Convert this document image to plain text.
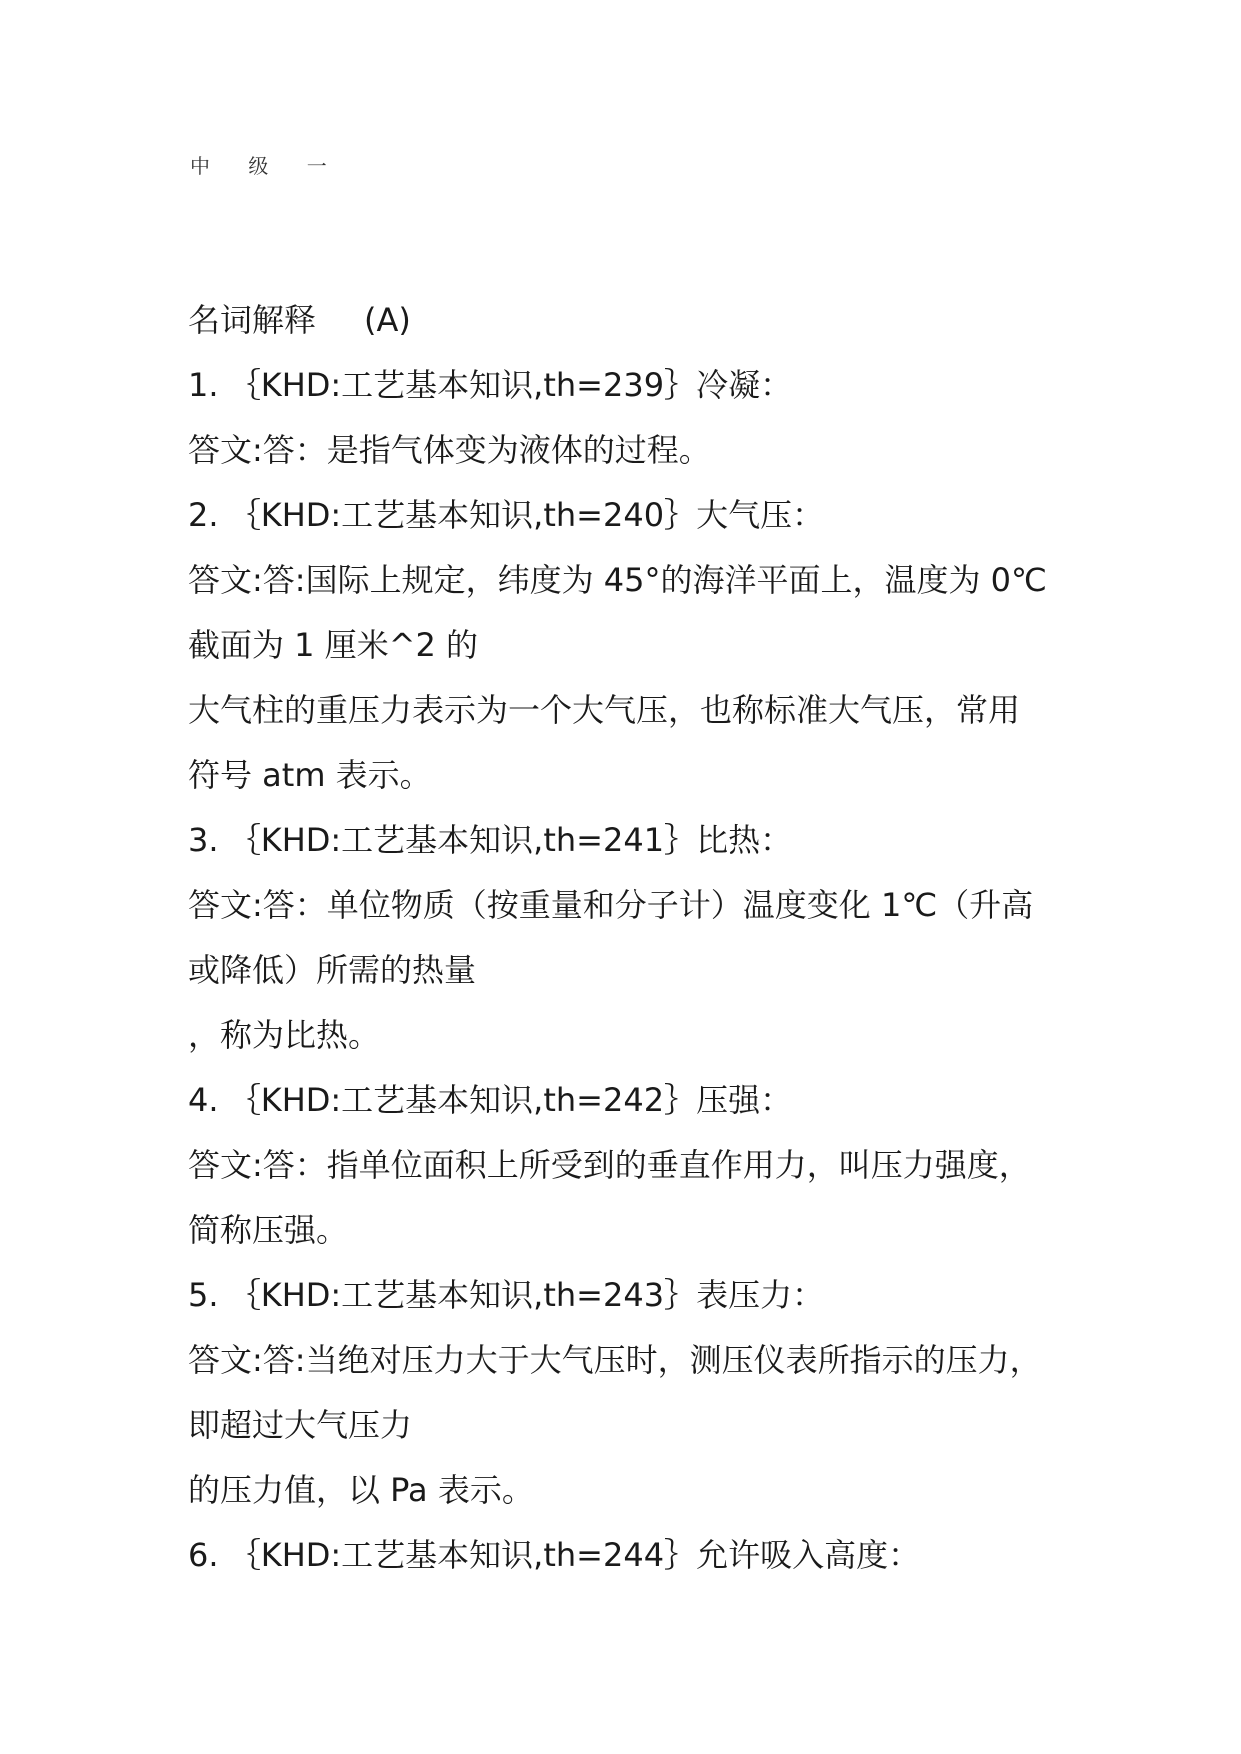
中 级 一
名词解释 (A)
1. ｛KHD:工艺基本知识,th=239｝冷凝：
答文:答：是指气体变为液体的过程。
2. ｛KHD:工艺基本知识,th=240｝大气压：
答文:答:国际上规定，纬度为 45°的海洋平面上，温度为 0℃
截面为 1 厘米^2 的
大气柱的重压力表示为一个大气压，也称标准大气压，常用
符号 atm 表示。
3. ｛KHD:工艺基本知识,th=241｝比热：
答文:答：单位物质（按重量和分子计）温度变化 1℃（升高
或降低）所需的热量
，称为比热。
4. ｛KHD:工艺基本知识,th=242｝压强：
答文:答：指单位面积上所受到的垂直作用力，叫压力强度，
简称压强。
5. ｛KHD:工艺基本知识,th=243｝表压力：
答文:答:当绝对压力大于大气压时，测压仪表所指示的压力，
即超过大气压力
的压力值，以 Pa 表示。
6. ｛KHD:工艺基本知识,th=244｝允许吸入高度：
